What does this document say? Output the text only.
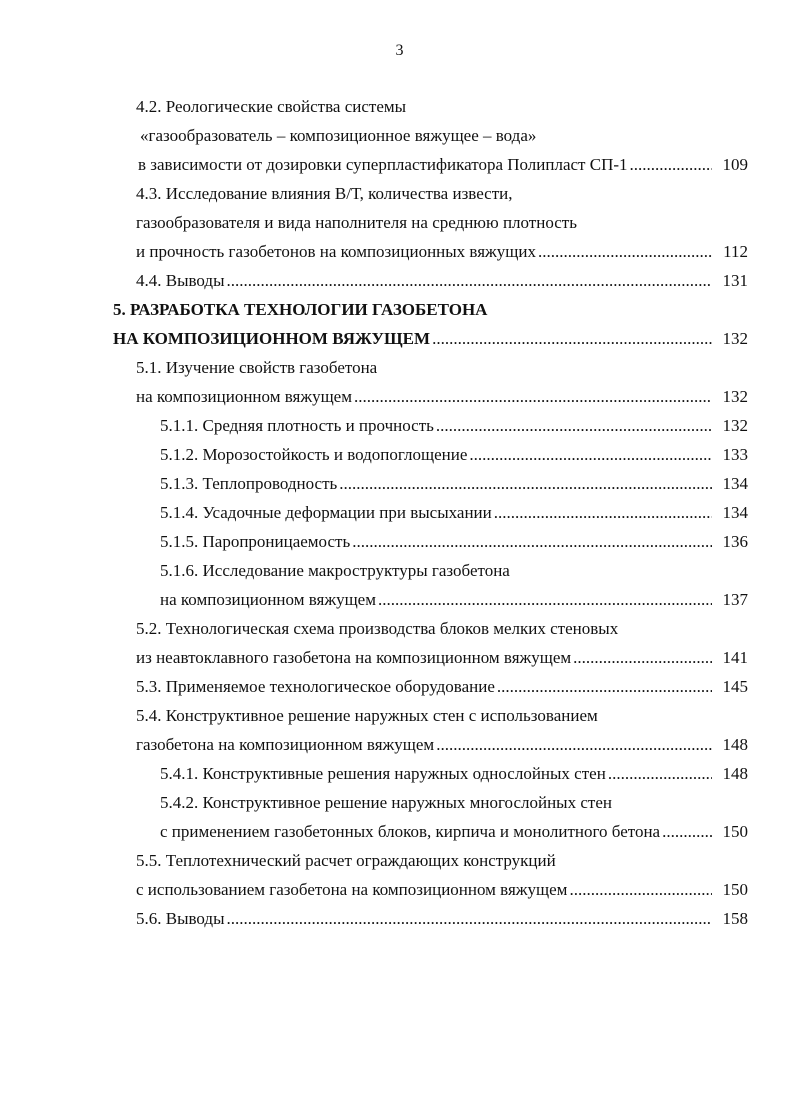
3
4.2. Реологические свойства системы
«газообразователь – композиционное вяжущее – вода»
в зависимости от дозировки суперпластификатора Полипласт СП-1 .....	109
4.3. Исследование влияния В/Т, количества извести,
газообразователя и вида наполнителя на среднюю плотность
и прочность газобетонов на композиционных вяжущих .....	112
4.4. Выводы .....	131
5. РАЗРАБОТКА ТЕХНОЛОГИИ ГАЗОБЕТОНА
НА КОМПОЗИЦИОННОМ ВЯЖУЩЕМ .....	132
5.1. Изучение свойств газобетона
на композиционном вяжущем .....	132
5.1.1. Средняя плотность и прочность .....	132
5.1.2. Морозостойкость и водопоглощение .....	133
5.1.3. Теплопроводность .....	134
5.1.4. Усадочные деформации при высыхании .....	134
5.1.5. Паропроницаемость .....	136
5.1.6. Исследование макроструктуры газобетона
на композиционном вяжущем .....	137
5.2. Технологическая схема производства блоков мелких стеновых
из неавтоклавного газобетона на композиционном вяжущем .....	141
5.3. Применяемое технологическое оборудование .....	145
5.4. Конструктивное решение наружных стен с использованием
газобетона на композиционном вяжущем .....	148
5.4.1. Конструктивные решения наружных однослойных стен .....	148
5.4.2. Конструктивное решение наружных многослойных стен
с применением газобетонных блоков, кирпича и монолитного бетона .....	150
5.5. Теплотехнический расчет ограждающих конструкций
с использованием газобетона на композиционном вяжущем .....	150
5.6. Выводы .....	158
